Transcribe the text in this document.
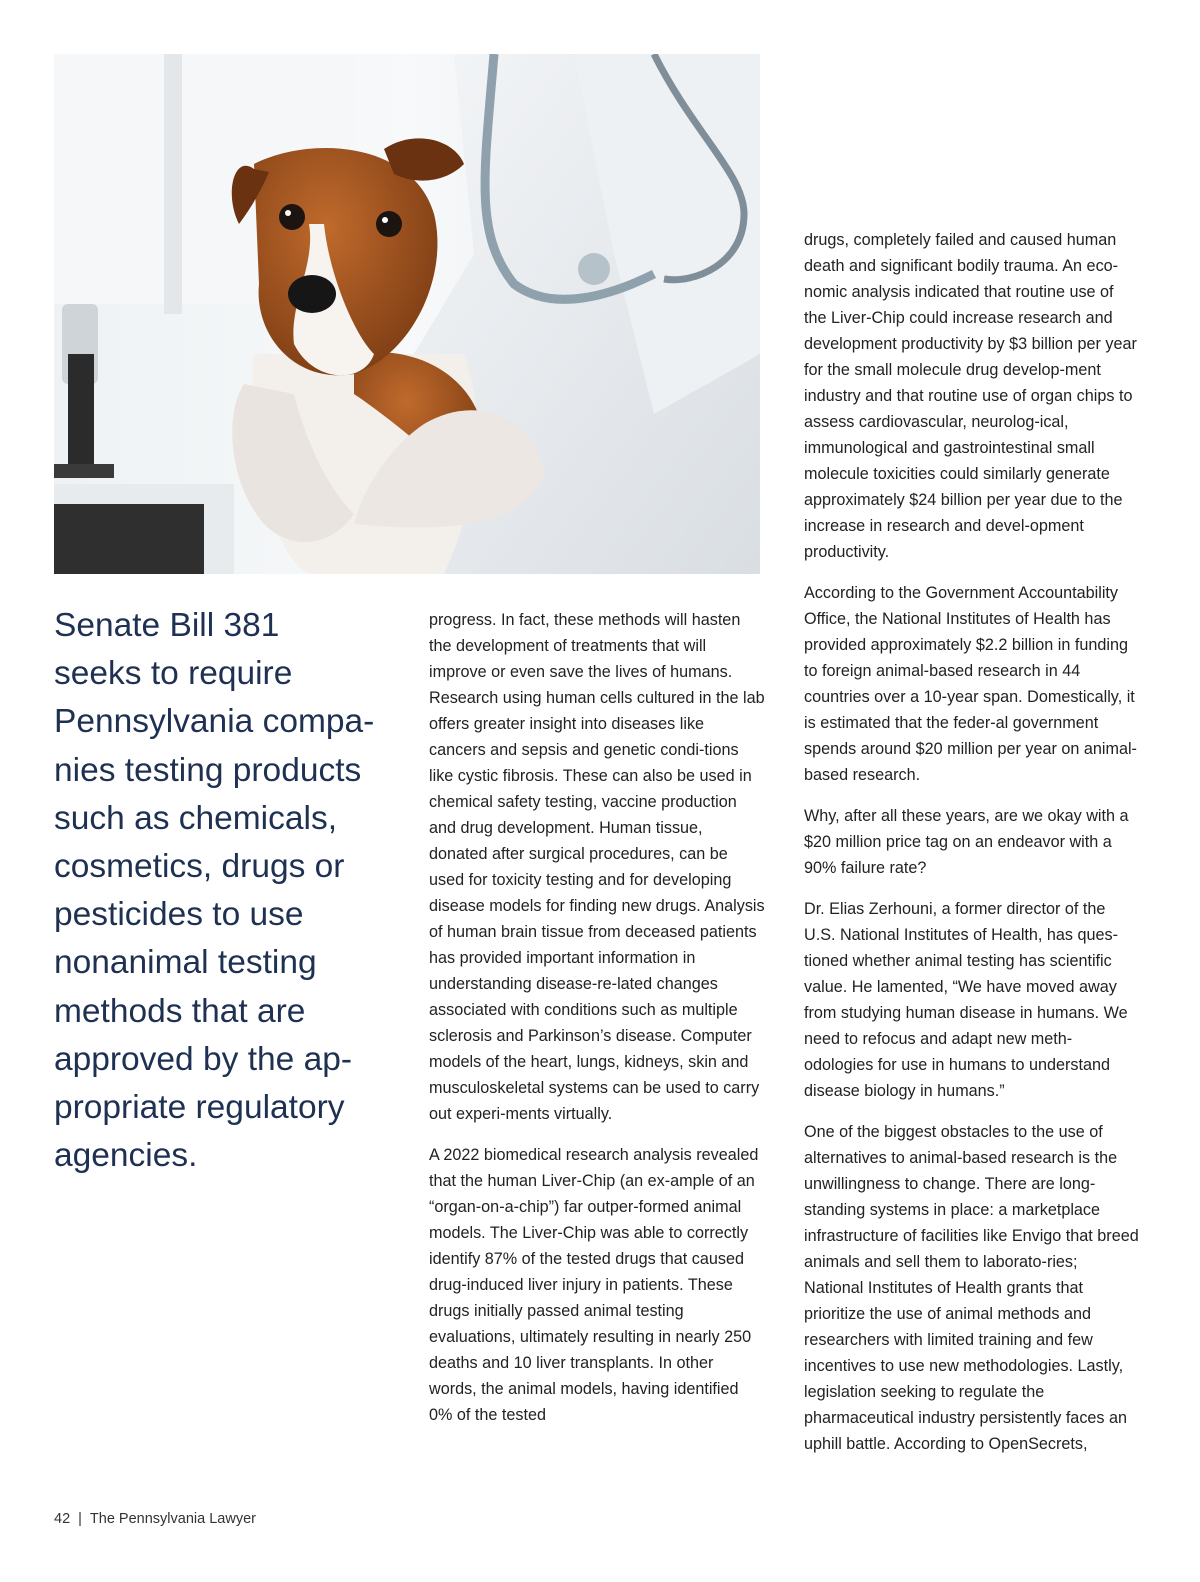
Senate Bill 381
seeks to require
Pennsylvania compa-
nies testing products
such as chemicals,
cosmetics, drugs or
pesticides to use
nonanimal testing
methods that are
approved by the ap-
propriate regulatory
agencies.

progress. In fact, these methods will hasten the development of treatments that will improve or even save the lives of humans. Research using human cells cultured in the lab offers greater insight into diseases like cancers and sepsis and genetic condi-tions like cystic fibrosis. These can also be used in chemical safety testing, vaccine production and drug development. Human tissue, donated after surgical procedures, can be used for toxicity testing and for developing disease models for finding new drugs. Analysis of human brain tissue from deceased patients has provided important information in understanding disease-re-lated changes associated with conditions such as multiple sclerosis and Parkinson’s disease. Computer models of the heart, lungs, kidneys, skin and musculoskeletal systems can be used to carry out experi-ments virtually.

A 2022 biomedical research analysis revealed that the human Liver-Chip (an ex-ample of an “organ-on-a-chip”) far outper-formed animal models. The Liver-Chip was able to correctly identify 87% of the tested drugs that caused drug-induced liver injury in patients. These drugs initially passed animal testing evaluations, ultimately resulting in nearly 250 deaths and 10 liver transplants. In other words, the animal models, having identified 0% of the tested

drugs, completely failed and caused human death and significant bodily trauma. An eco-nomic analysis indicated that routine use of the Liver-Chip could increase research and development productivity by $3 billion per year for the small molecule drug develop-ment industry and that routine use of organ chips to assess cardiovascular, neurolog-ical, immunological and gastrointestinal small molecule toxicities could similarly generate approximately $24 billion per year due to the increase in research and devel-opment productivity.

According to the Government Accountability Office, the National Institutes of Health has provided approximately $2.2 billion in funding to foreign animal-based research in 44 countries over a 10-year span. Domestically, it is estimated that the feder-al government spends around $20 million per year on animal-based research.

Why, after all these years, are we okay with a $20 million price tag on an endeavor with a 90% failure rate?

Dr. Elias Zerhouni, a former director of the U.S. National Institutes of Health, has ques-tioned whether animal testing has scientific value. He lamented, “We have moved away from studying human disease in humans. We need to refocus and adapt new meth-odologies for use in humans to understand disease biology in humans.”

One of the biggest obstacles to the use of alternatives to animal-based research is the unwillingness to change. There are long-standing systems in place: a marketplace infrastructure of facilities like Envigo that breed animals and sell them to laborato-ries; National Institutes of Health grants that prioritize the use of animal methods and researchers with limited training and few incentives to use new methodologies. Lastly, legislation seeking to regulate the pharmaceutical industry persistently faces an uphill battle. According to OpenSecrets,

42 | The Pennsylvania Lawyer
